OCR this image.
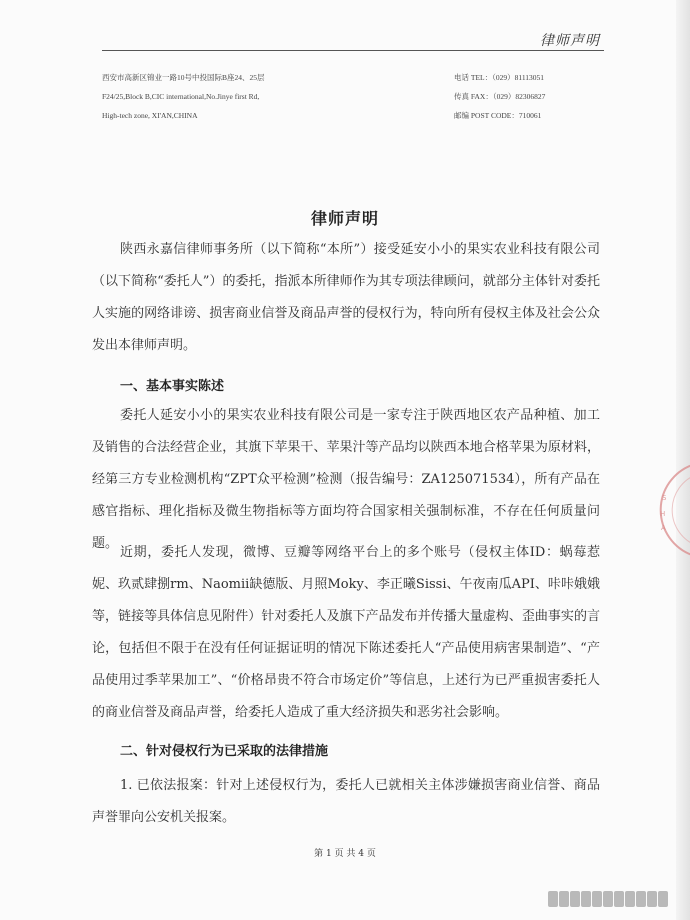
律师声明
西安市高新区锦业一路10号中投国际B座24、25层
F24/25,Block B,CIC international,No.Jinye first Rd,
High-tech zone, XI'AN,CHINA
电话 TEL：（029）81113051
传真 FAX：（029）82306827
邮编 POST CODE：710061
律师声明

陕西永嘉信律师事务所（以下简称“本所”）接受延安小小的果实农业科技有限公司（以下简称“委托人”）的委托，指派本所律师作为其专项法律顾问，就部分主体针对委托人实施的网络诽谤、损害商业信誉及商品声誉的侵权行为，特向所有侵权主体及社会公众发出本律师声明。

一、基本事实陈述

委托人延安小小的果实农业科技有限公司是一家专注于陕西地区农产品种植、加工及销售的合法经营企业，其旗下苹果干、苹果汁等产品均以陕西本地合格苹果为原材料，经第三方专业检测机构“ZPT众平检测”检测（报告编号：ZA125071534），所有产品在感官指标、理化指标及微生物指标等方面均符合国家相关强制标准，不存在任何质量问题。

近期，委托人发现，微博、豆瓣等网络平台上的多个账号（侵权主体ID：蜗莓惹妮、玖贰肆捌rm、Naomii缺德版、月照Moky、李正曦Sissi、午夜南瓜API、咔咔娥娥等，链接等具体信息见附件）针对委托人及旗下产品发布并传播大量虚构、歪曲事实的言论，包括但不限于在没有任何证据证明的情况下陈述委托人“产品使用病害果制造”、“产品使用过季苹果加工”、“价格昂贵不符合市场定价”等信息，上述行为已严重损害委托人的商业信誉及商品声誉，给委托人造成了重大经济损失和恶劣社会影响。

二、针对侵权行为已采取的法律措施

1. 已依法报案：针对上述侵权行为，委托人已就相关主体涉嫌损害商业信誉、商品声誉罪向公安机关报案。

第 1 页 共 4 页
S
H
A
